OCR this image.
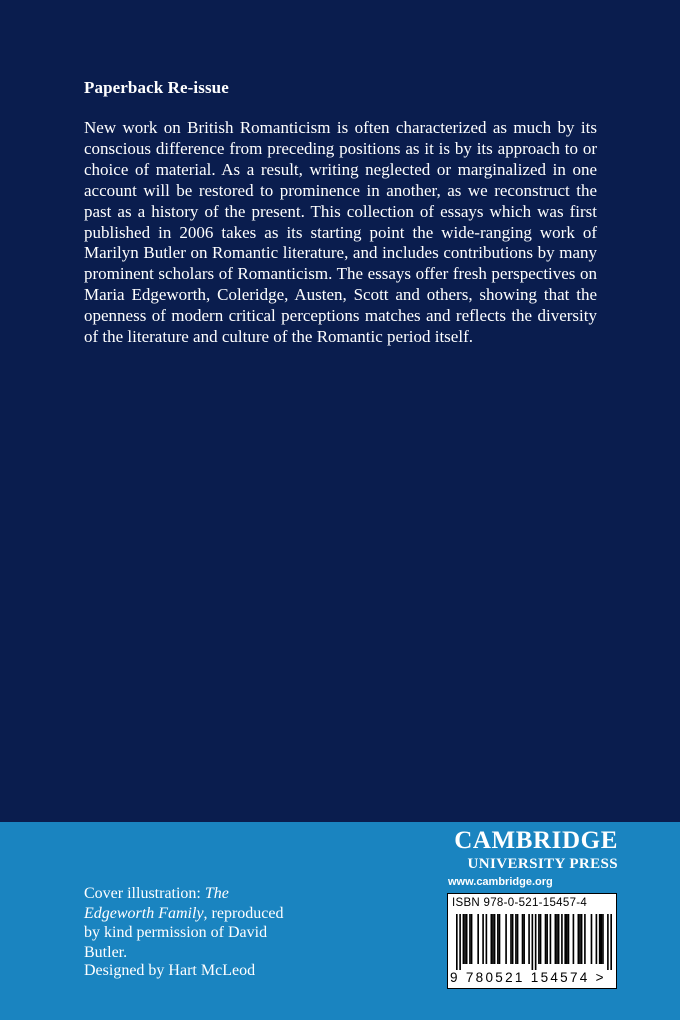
Paperback Re-issue
New work on British Romanticism is often characterized as much by its conscious difference from preceding positions as it is by its approach to or choice of material. As a result, writing neglected or marginalized in one account will be restored to prominence in another, as we reconstruct the past as a history of the present. This collection of essays which was first published in 2006 takes as its starting point the wide-ranging work of Marilyn Butler on Romantic literature, and includes contributions by many prominent scholars of Romanticism. The essays offer fresh perspectives on Maria Edgeworth, Coleridge, Austen, Scott and others, showing that the openness of modern critical perceptions matches and reflects the diversity of the literature and culture of the Romantic period itself.
Cover illustration: The Edgeworth Family, reproduced by kind permission of David Butler.
Designed by Hart McLeod
CAMBRIDGE
UNIVERSITY PRESS
www.cambridge.org
ISBN 978-0-521-15457-4
9 780521 154574 >
